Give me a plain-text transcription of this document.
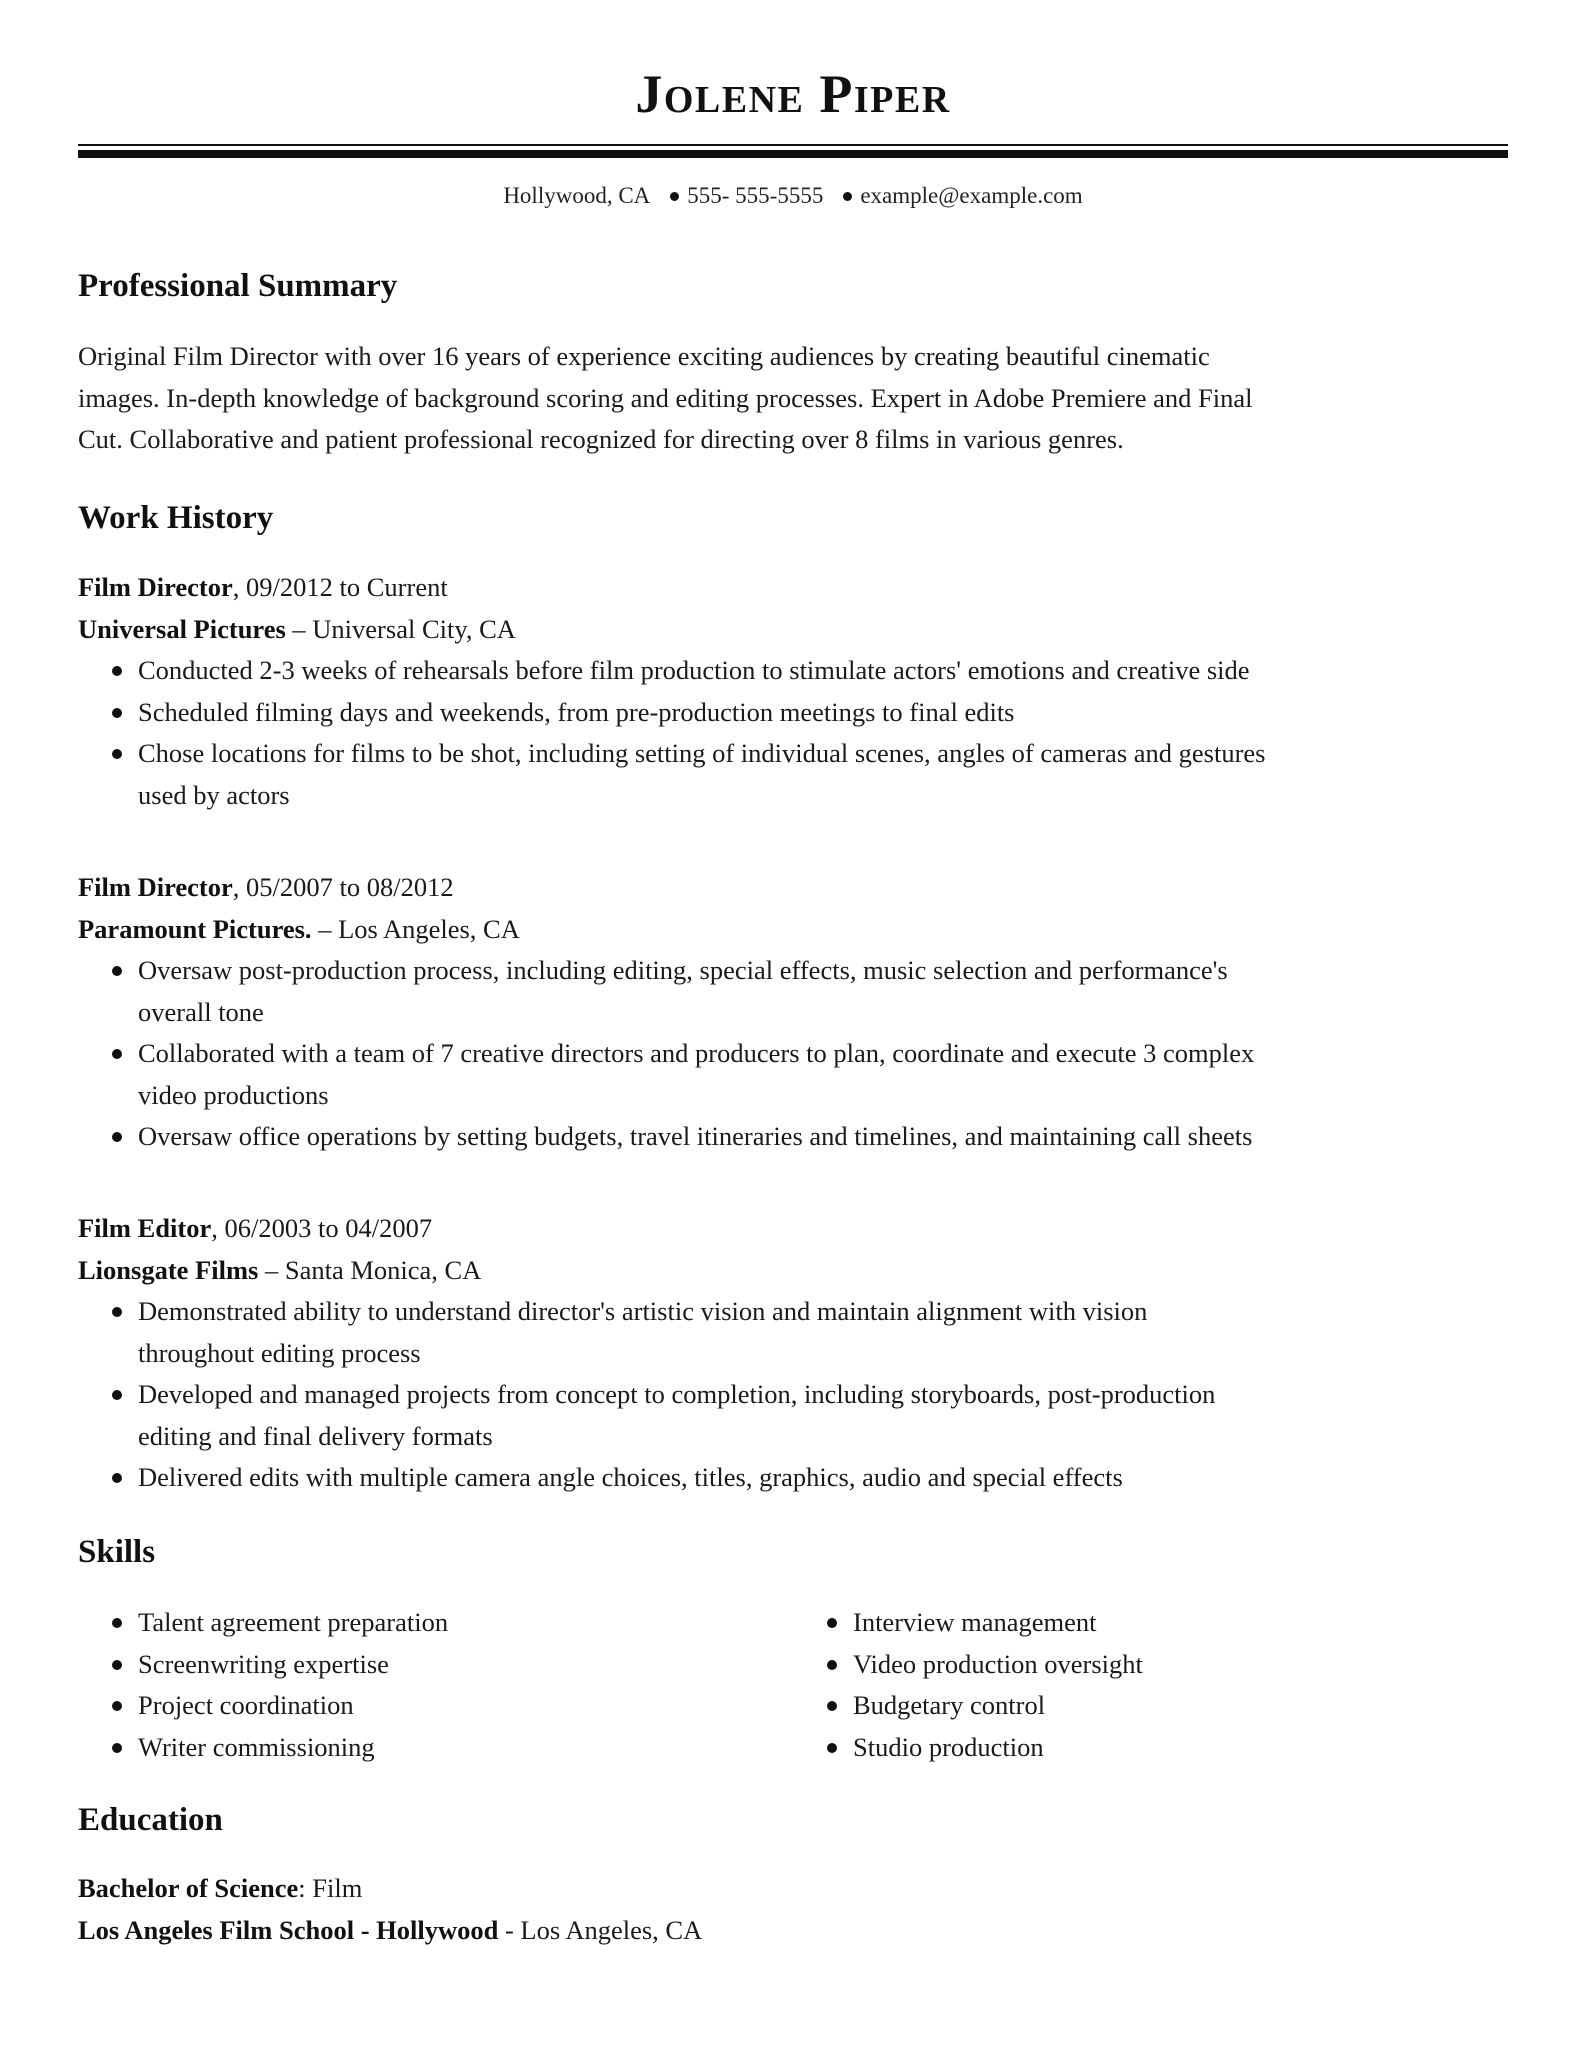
Jolene Piper
Hollywood, CA 555- 555-5555 example@example.com
Professional Summary
Original Film Director with over 16 years of experience exciting audiences by creating beautiful cinematic
images. In-depth knowledge of background scoring and editing processes. Expert in Adobe Premiere and Final
Cut. Collaborative and patient professional recognized for directing over 8 films in various genres.
Work History
Film Director, 09/2012 to Current
Universal Pictures – Universal City, CA
Conducted 2-3 weeks of rehearsals before film production to stimulate actors' emotions and creative side
Scheduled filming days and weekends, from pre-production meetings to final edits
Chose locations for films to be shot, including setting of individual scenes, angles of cameras and gestures
used by actors
Film Director, 05/2007 to 08/2012
Paramount Pictures. – Los Angeles, CA
Oversaw post-production process, including editing, special effects, music selection and performance's
overall tone
Collaborated with a team of 7 creative directors and producers to plan, coordinate and execute 3 complex
video productions
Oversaw office operations by setting budgets, travel itineraries and timelines, and maintaining call sheets
Film Editor, 06/2003 to 04/2007
Lionsgate Films – Santa Monica, CA
Demonstrated ability to understand director's artistic vision and maintain alignment with vision
throughout editing process
Developed and managed projects from concept to completion, including storyboards, post-production
editing and final delivery formats
Delivered edits with multiple camera angle choices, titles, graphics, audio and special effects
Skills
Talent agreement preparation
Screenwriting expertise
Project coordination
Writer commissioning
Interview management
Video production oversight
Budgetary control
Studio production
Education
Bachelor of Science: Film
Los Angeles Film School - Hollywood - Los Angeles, CA
